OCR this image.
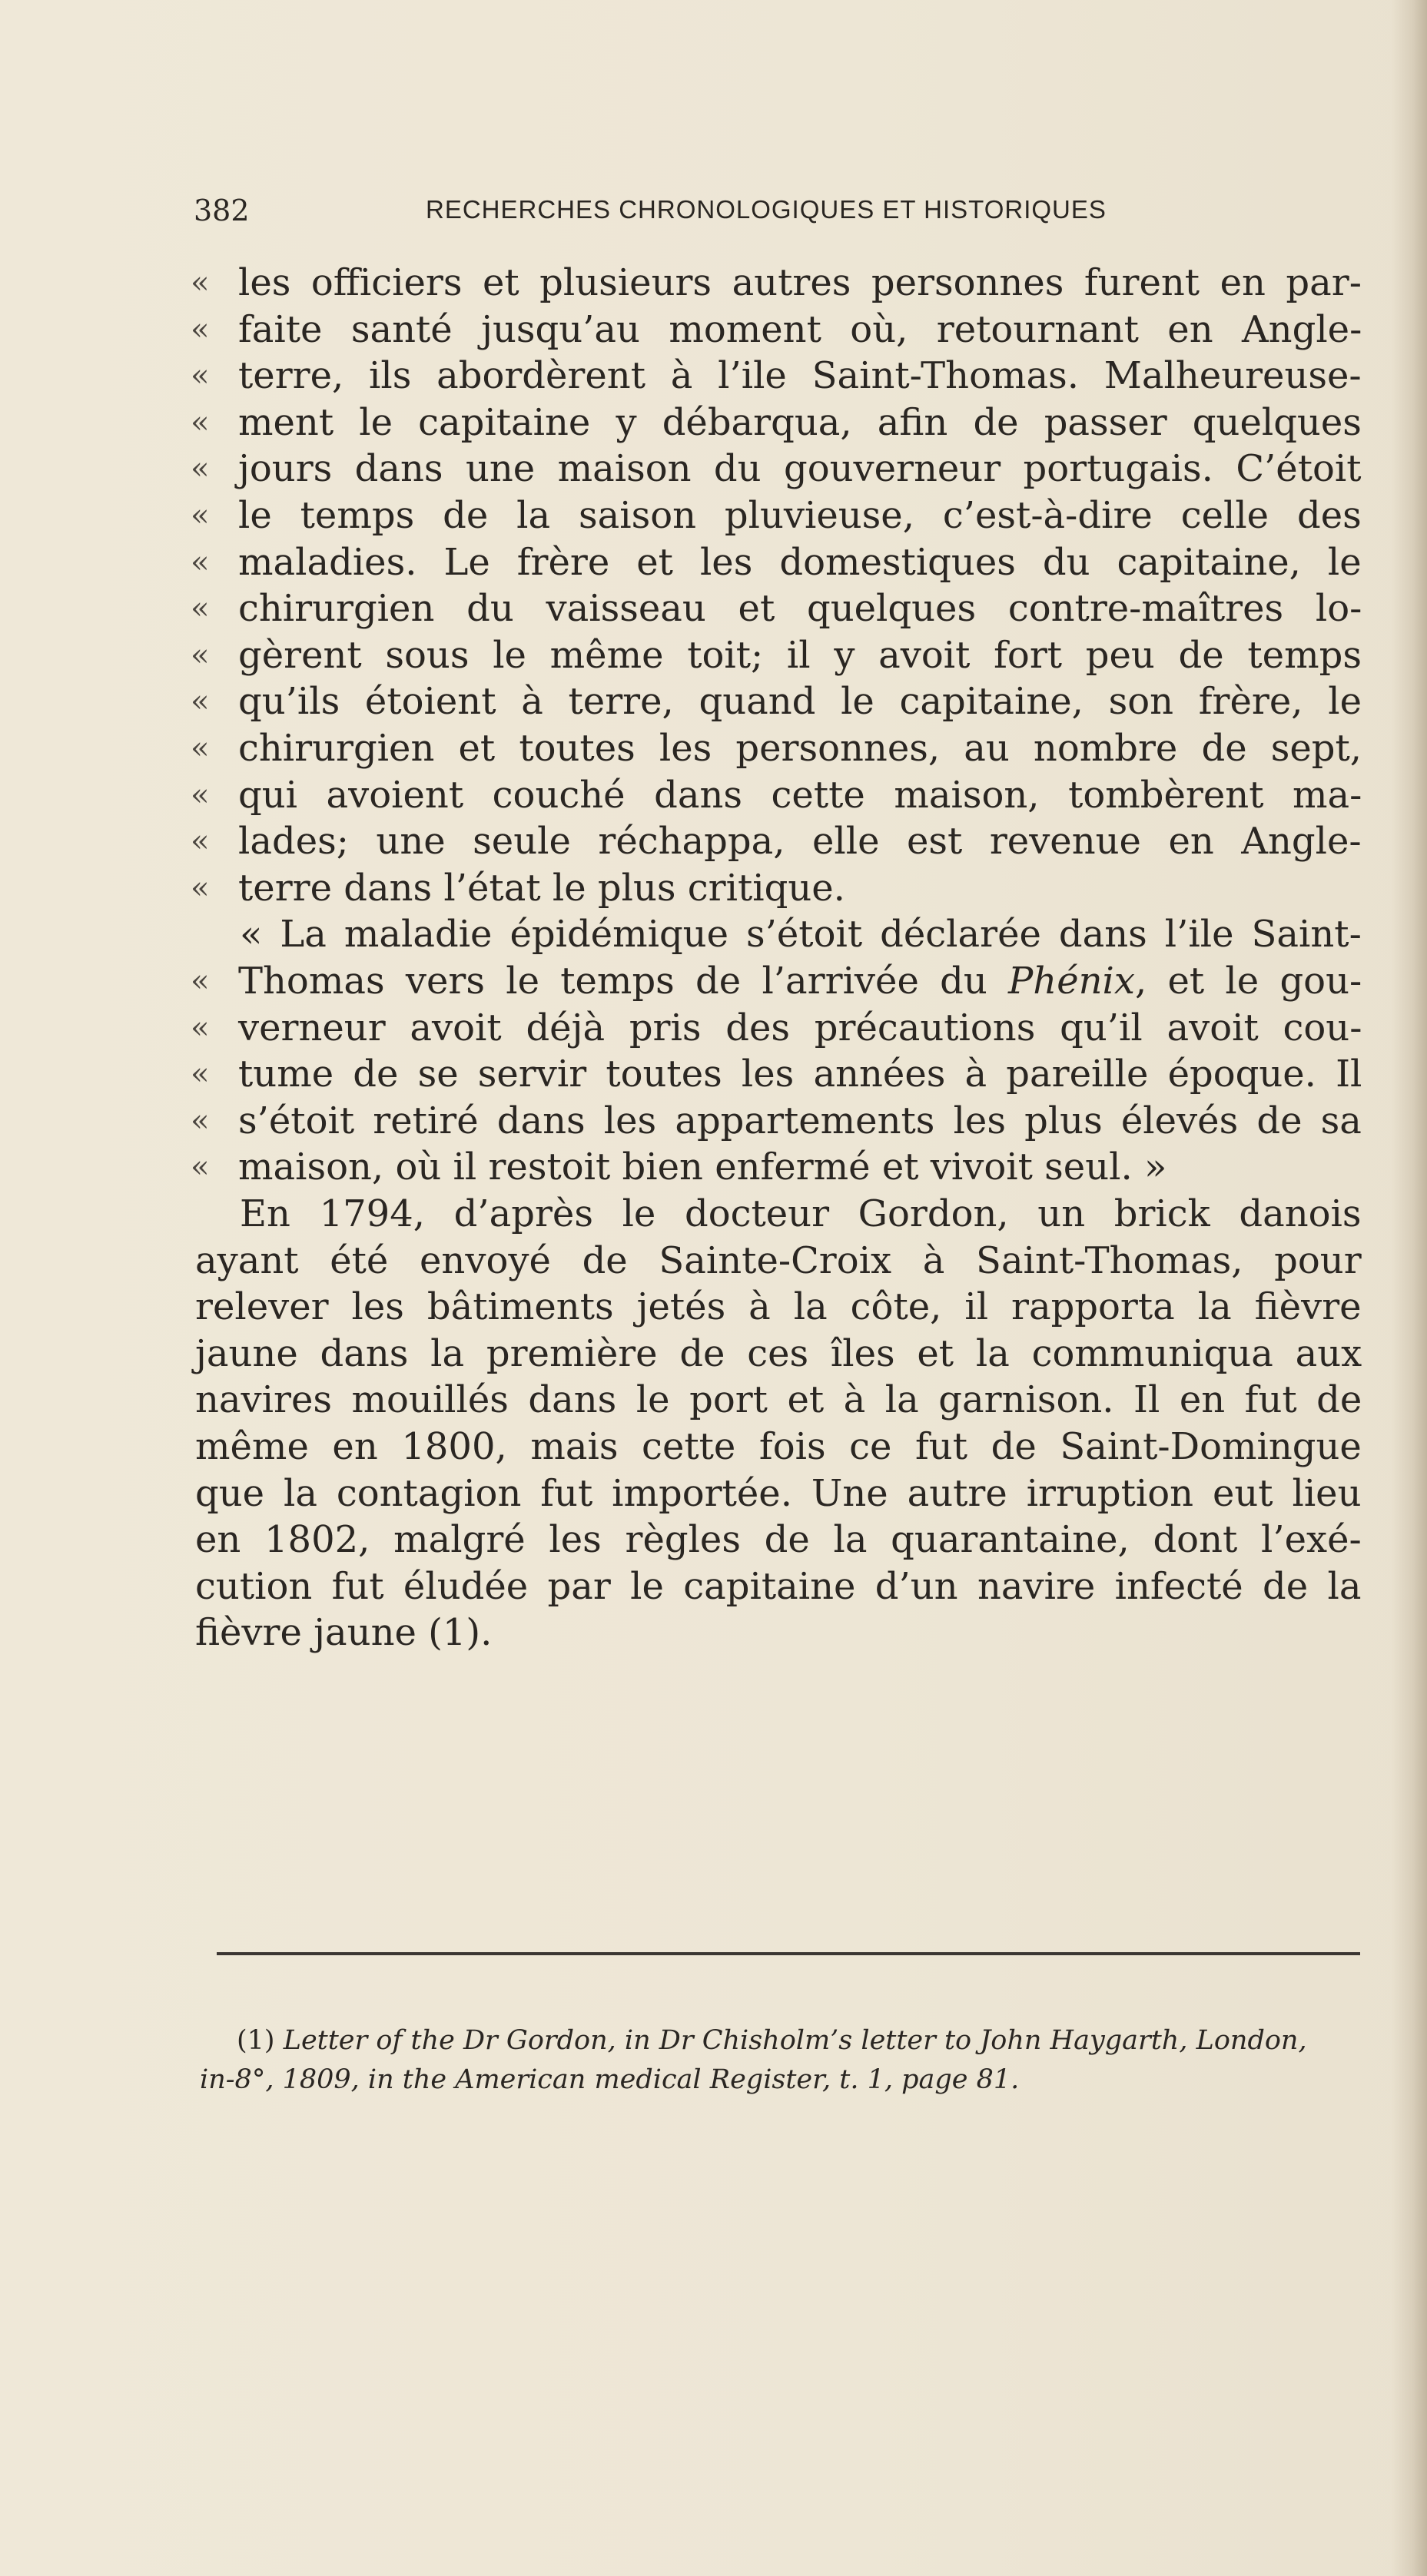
382	RECHERCHES CHRONOLOGIQUES ET HISTORIQUES
« les officiers et plusieurs autres personnes furent en par-
« faite santé jusqu’au moment où, retournant en Angle-
« terre, ils abordèrent à l’ile Saint-Thomas. Malheureuse-
« ment le capitaine y débarqua, afin de passer quelques
« jours dans une maison du gouverneur portugais. C’étoit
« le temps de la saison pluvieuse, c’est-à-dire celle des
« maladies. Le frère et les domestiques du capitaine, le
« chirurgien du vaisseau et quelques contre-maîtres lo-
« gèrent sous le même toit; il y avoit fort peu de temps
« qu’ils étoient à terre, quand le capitaine, son frère, le
« chirurgien et toutes les personnes, au nombre de sept,
« qui avoient couché dans cette maison, tombèrent ma-
« lades; une seule réchappa, elle est revenue en Angle-
« terre dans l’état le plus critique.
« La maladie épidémique s’étoit déclarée dans l’ile Saint-
« Thomas vers le temps de l’arrivée du Phénix, et le gou-
« verneur avoit déjà pris des précautions qu’il avoit cou-
« tume de se servir toutes les années à pareille époque. Il
« s’étoit retiré dans les appartements les plus élevés de sa
« maison, où il restoit bien enfermé et vivoit seul. »
En 1794, d’après le docteur Gordon, un brick danois
ayant été envoyé de Sainte-Croix à Saint-Thomas, pour
relever les bâtiments jetés à la côte, il rapporta la fièvre
jaune dans la première de ces îles et la communiqua aux
navires mouillés dans le port et à la garnison. Il en fut de
même en 1800, mais cette fois ce fut de Saint-Domingue
que la contagion fut importée. Une autre irruption eut lieu
en 1802, malgré les règles de la quarantaine, dont l’exé-
cution fut éludée par le capitaine d’un navire infecté de la
fièvre jaune (1).
(1) Letter of the Dr Gordon, in Dr Chisholm’s letter to John Haygarth, London,
in-8°, 1809, in the American medical Register, t. 1, page 81.
